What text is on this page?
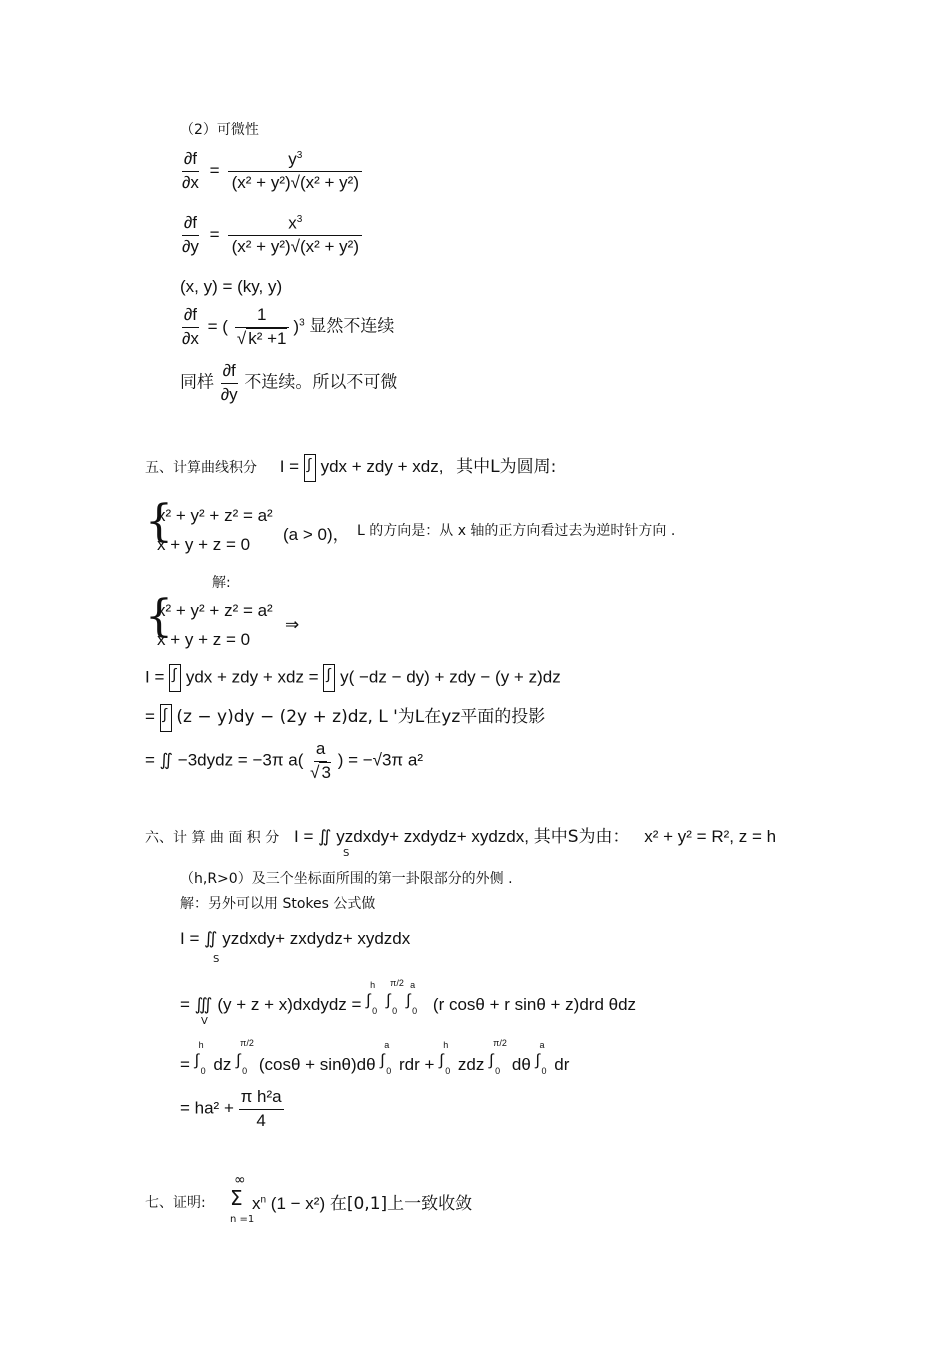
（2）可微性
$\frac{\partial f}{\partial x} = \frac{y^3}{\text{(x² + y²)√(x² + y²)}}$
$\frac{\partial f}{\partial y} = \frac{x^3}{\text{(x² + y²)√(x² + y²)}}$
(x, y) = (ky, y)
$\frac{\partial f}{\partial x}$ = ( $\frac{1}{\text{√ k² +1}} )^3$ 显然不连续
同样 $\frac{\partial f}{\partial y}$ 不连续。所以不可微
五、计算曲线积分 I = ∫ ydx + zdy + xdz, 其中L为圆周:
{
x² + y² + z² = a²
x + y + z = 0
(a > 0)， L 的方向是：从 x 轴的正方向看过去为逆时针方向 .
解:
{
x² + y² + z² = a²
x + y + z = 0
⇒
I = ∫ ydx + zdy + xdz = ∫ y( −dz − dy) + zdy − (y + z)dz
= ∫ (z − y)dy − (2y + z)dz, L '为L在yz平面的投影
= ∬ −3dydz = −3π $a( \frac{a}{√ 3}$ ) = −√3π a²
六、计 算 曲 面 积 分 I = ∬ yzdxdy+ zxdydz+ xydzdx, 其中S为由： x² + y² = R², z = h
S
（h,R>0）及三个坐标面所围的第一卦限部分的外侧 .
解：另外可以用 Stokes 公式做
I = ∬ yzdxdy+ zxdydz+ xydzdx
S
= ∭ (y + z + x)dxdydz = ∫
h
0
∫
π/2
0
∫
a
0 (r cosθ + r sinθ + z)drd θdz
V
= ∫
h
0 dz ∫
π/2
0 (cosθ + sinθ)dθ ∫
a
0 rdr + ∫
h
0 zdz ∫
π/2
0 dθ ∫
a
0 dr
= $ha^2 + \frac{\text{π h²a}}{4}$
七、证明:
∞
Σ
n =1
$x^n$ (1 − x²) 在[0,1]上一致收敛
